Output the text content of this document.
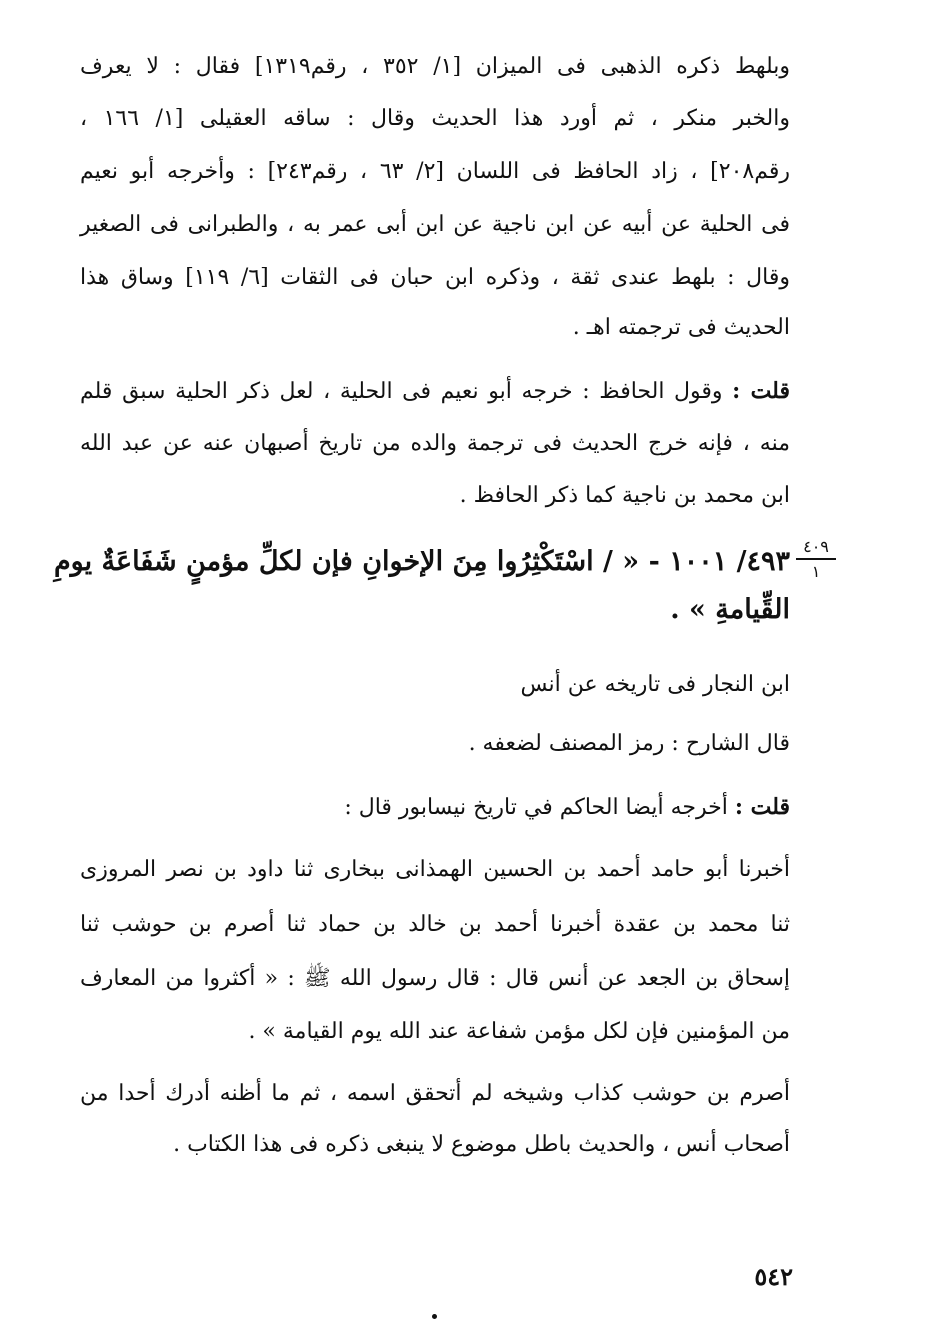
وبلهط ذكره الذهبى فى الميزان [١/ ٣٥٢ ، رقم١٣١٩] فقال : لا يعرف
والخبر منكر ، ثم أورد هذا الحديث وقال : ساقه العقيلى [١/ ١٦٦ ،
رقم٢٠٨] ، زاد الحافظ فى اللسان [٢/ ٦٣ ، رقم٢٤٣] : وأخرجه أبو نعيم
فى الحلية عن أبيه عن ابن ناجية عن ابن أبى عمر به ، والطبرانى فى الصغير
وقال : بلهط عندى ثقة ، وذكره ابن حبان فى الثقات [٦/ ١١٩] وساق هذا
الحديث فى ترجمته اهـ .
قلت : وقول الحافظ : خرجه أبو نعيم فى الحلية ، لعل ذكر الحلية سبق قلم
منه ، فإنه خرج الحديث فى ترجمة والده من تاريخ أصبهان عنه عن عبد الله
ابن محمد بن ناجية كما ذكر الحافظ .
٤٩٣/ ١٠٠١ - « / اسْتَكْثِرُوا مِنَ الإخوانِ فإن لكلِّ مؤمنٍ شَفَاعَةٌ يومِ
القِّيامةِ » .
٤٠٩
١
ابن النجار فى تاريخه عن أنس
قال الشارح : رمز المصنف لضعفه .
قلت : أخرجه أيضا الحاكم في تاريخ نيسابور قال :
أخبرنا أبو حامد أحمد بن الحسين الهمذانى ببخارى ثنا داود بن نصر المروزى
ثنا محمد بن عقدة أخبرنا أحمد بن خالد بن حماد ثنا أصرم بن حوشب ثنا
إسحاق بن الجعد عن أنس قال : قال رسول الله ﷺ : « أكثروا من المعارف
من المؤمنين فإن لكل مؤمن شفاعة عند الله يوم القيامة » .
أصرم بن حوشب كذاب وشيخه لم أتحقق اسمه ، ثم ما أظنه أدرك أحدا من
أصحاب أنس ، والحديث باطل موضوع لا ينبغى ذكره فى هذا الكتاب .
٥٤٢
